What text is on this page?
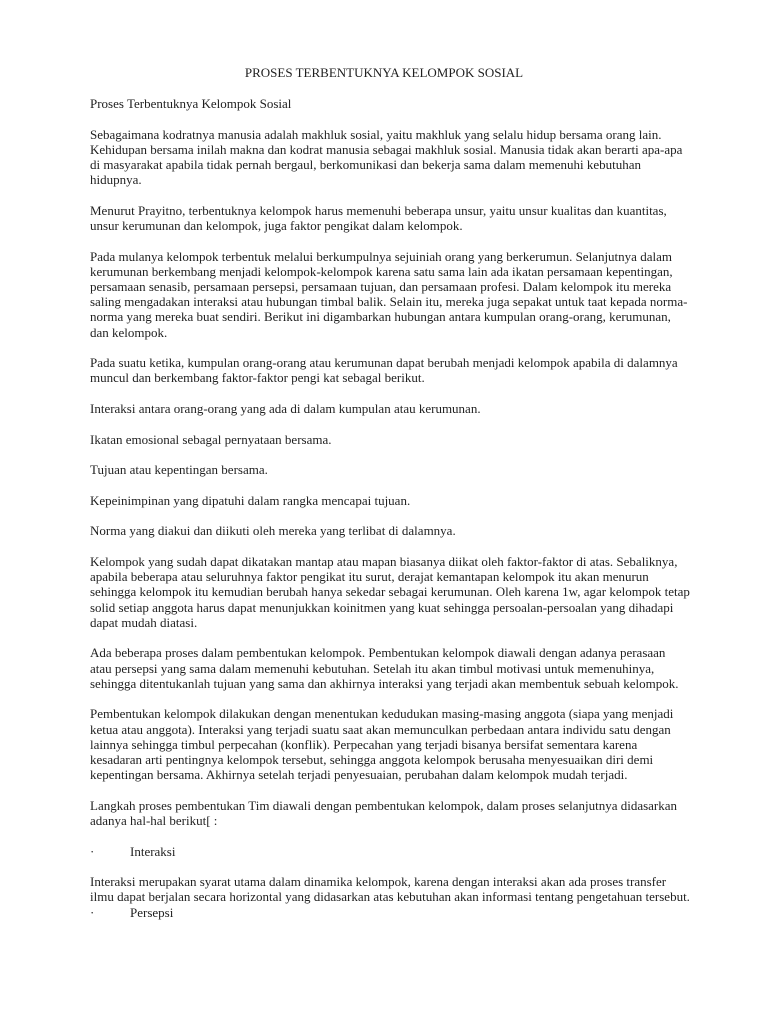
PROSES TERBENTUKNYA KELOMPOK SOSIAL

Proses Terbentuknya Kelompok Sosial

Sebagaimana kodratnya manusia adalah makhluk sosial, yaitu makhluk yang selalu hidup bersama orang lain. Kehidupan bersama inilah makna dan kodrat manusia sebagai makhluk sosial. Manusia tidak akan berarti apa-apa di masyarakat apabila tidak pernah bergaul, berkomunikasi dan bekerja sama dalam memenuhi kebutuhan hidupnya.

Menurut Prayitno, terbentuknya kelompok harus memenuhi beberapa unsur, yaitu unsur kualitas dan kuantitas, unsur kerumunan dan kelompok, juga faktor pengikat dalam kelompok.

Pada mulanya kelompok terbentuk melalui berkumpulnya sejuiniah orang yang berkerumun. Selanjutnya dalam kerumunan berkembang menjadi kelompok-kelompok karena satu sama lain ada ikatan persamaan kepentingan, persamaan senasib, persamaan persepsi, persamaan tujuan, dan persamaan profesi. Dalam kelompok itu mereka saling mengadakan interaksi atau hubungan timbal balik. Selain itu, mereka juga sepakat untuk taat kepada norma-norma yang mereka buat sendiri. Berikut ini digambarkan hubungan antara kumpulan orang-orang, kerumunan, dan kelompok.

Pada suatu ketika, kumpulan orang-orang atau kerumunan dapat berubah menjadi kelompok apabila di dalamnya muncul dan berkembang faktor-faktor pengi kat sebagal berikut.

Interaksi antara orang-orang yang ada di dalam kumpulan atau kerumunan.

Ikatan emosional sebagal pernyataan bersama.

Tujuan atau kepentingan bersama.

Kepeinimpinan yang dipatuhi dalam rangka mencapai tujuan.

Norma yang diakui dan diikuti oleh mereka yang terlibat di dalamnya.

Kelompok yang sudah dapat dikatakan mantap atau mapan biasanya diikat oleh faktor-faktor di atas. Sebaliknya, apabila beberapa atau seluruhnya faktor pengikat itu surut, derajat kemantapan kelompok itu akan menurun sehingga kelompok itu kemudian berubah hanya sekedar sebagai kerumunan. Oleh karena 1w, agar kelompok tetap solid setiap anggota harus dapat menunjukkan koinitmen yang kuat sehingga persoalan-persoalan yang dihadapi dapat mudah diatasi.

Ada beberapa proses dalam pembentukan kelompok. Pembentukan kelompok diawali dengan adanya perasaan atau persepsi yang sama dalam memenuhi kebutuhan. Setelah itu akan timbul motivasi untuk memenuhinya, sehingga ditentukanlah tujuan yang sama dan akhirnya interaksi yang terjadi akan membentuk sebuah kelompok.

Pembentukan kelompok dilakukan dengan menentukan kedudukan masing-masing anggota (siapa yang menjadi ketua atau anggota). Interaksi yang terjadi suatu saat akan memunculkan perbedaan antara individu satu dengan lainnya sehingga timbul perpecahan (konflik). Perpecahan yang terjadi bisanya bersifat sementara karena kesadaran arti pentingnya kelompok tersebut, sehingga anggota kelompok berusaha menyesuaikan diri demi kepentingan bersama. Akhirnya setelah terjadi penyesuaian, perubahan dalam kelompok mudah terjadi.

Langkah proses pembentukan Tim diawali dengan pembentukan kelompok, dalam proses selanjutnya didasarkan adanya hal-hal berikut[ :

·	Interaksi

Interaksi merupakan syarat utama dalam dinamika kelompok, karena dengan interaksi akan ada proses transfer ilmu dapat berjalan secara horizontal yang didasarkan atas kebutuhan akan informasi tentang pengetahuan tersebut.

·	Persepsi
